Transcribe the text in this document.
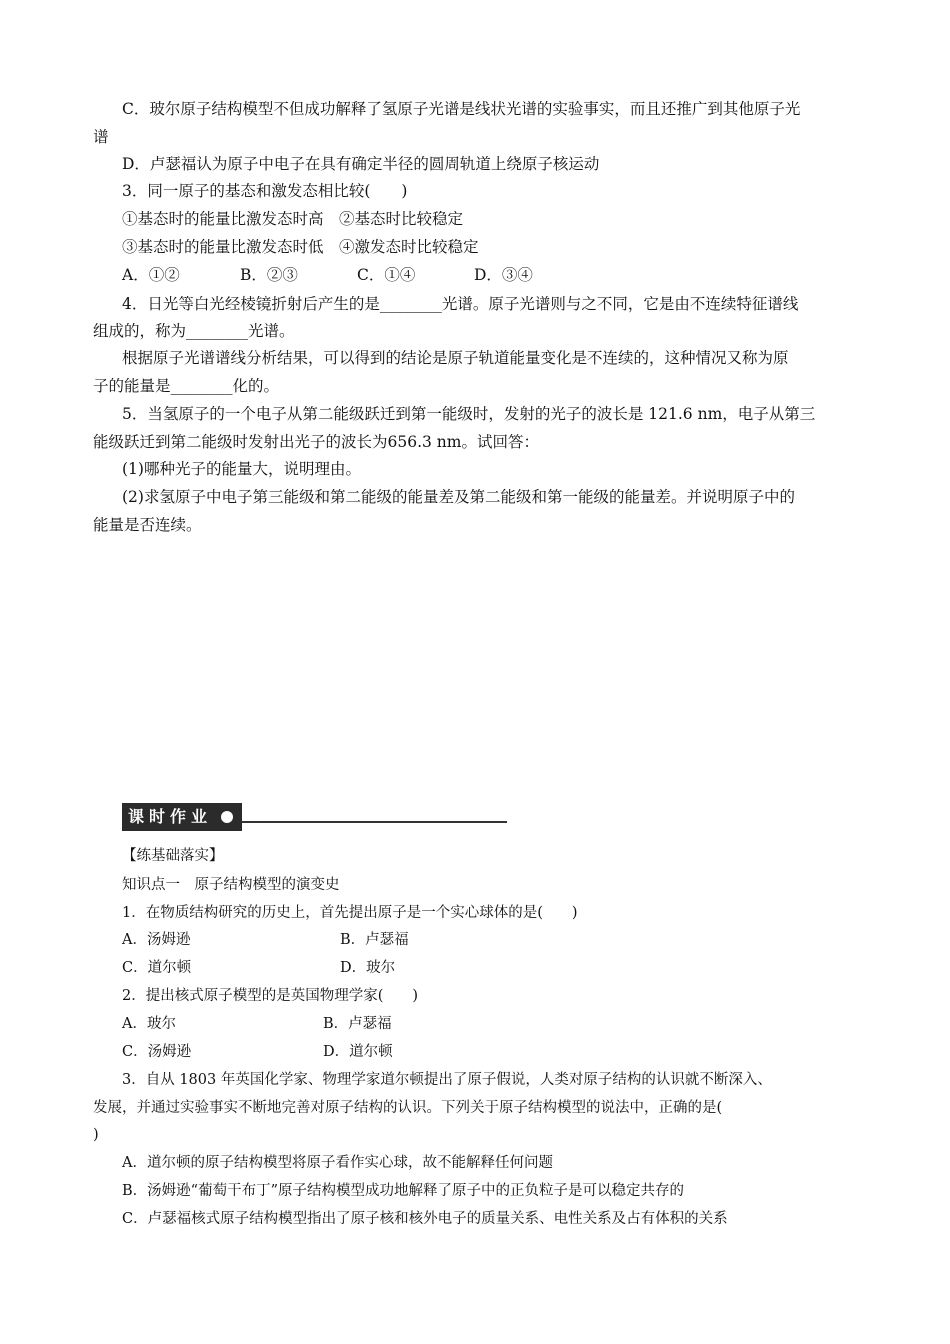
C．玻尔原子结构模型不但成功解释了氢原子光谱是线状光谱的实验事实，而且还推广到其他原子光
谱
D．卢瑟福认为原子中电子在具有确定半径的圆周轨道上绕原子核运动
3．同一原子的基态和激发态相比较(　　)
①基态时的能量比激发态时高　②基态时比较稳定
③基态时的能量比激发态时低　④激发态时比较稳定
A．①②	B．②③	C．①④	D．③④
4．日光等白光经棱镜折射后产生的是________光谱。原子光谱则与之不同，它是由不连续特征谱线
组成的，称为________光谱。
根据原子光谱谱线分析结果，可以得到的结论是原子轨道能量变化是不连续的，这种情况又称为原
子的能量是________化的。
5．当氢原子的一个电子从第二能级跃迁到第一能级时，发射的光子的波长是 121.6 nm，电子从第三
能级跃迁到第二能级时发射出光子的波长为656.3 nm。试回答：
(1)哪种光子的能量大，说明理由。
(2)求氢原子中电子第三能级和第二能级的能量差及第二能级和第一能级的能量差。并说明原子中的
能量是否连续。
课时作业
【练基础落实】
知识点一　原子结构模型的演变史
1．在物质结构研究的历史上，首先提出原子是一个实心球体的是(　　)
A．汤姆逊	B．卢瑟福
C．道尔顿	D．玻尔
2．提出核式原子模型的是英国物理学家(　　)
A．玻尔	B．卢瑟福
C．汤姆逊	D．道尔顿
3．自从 1803 年英国化学家、物理学家道尔顿提出了原子假说，人类对原子结构的认识就不断深入、
发展，并通过实验事实不断地完善对原子结构的认识。下列关于原子结构模型的说法中，正确的是(
)
A．道尔顿的原子结构模型将原子看作实心球，故不能解释任何问题
B．汤姆逊“葡萄干布丁”原子结构模型成功地解释了原子中的正负粒子是可以稳定共存的
C．卢瑟福核式原子结构模型指出了原子核和核外电子的质量关系、电性关系及占有体积的关系
